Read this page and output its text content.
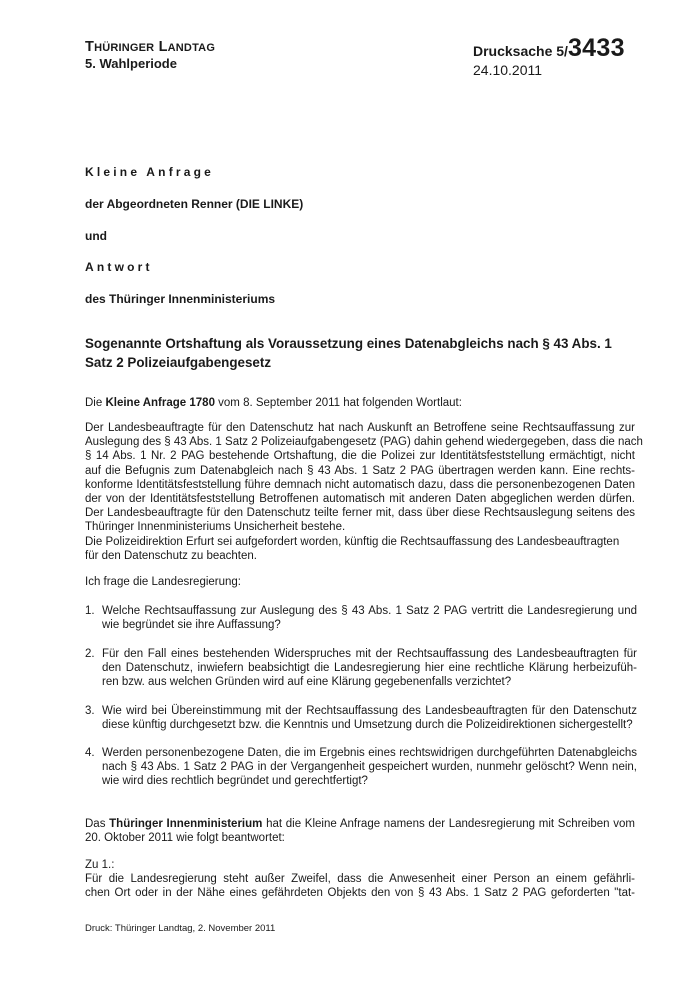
THÜRINGER LANDTAG
5. Wahlperiode
Drucksache 5/3433
24.10.2011
Kleine Anfrage
der Abgeordneten Renner (DIE LINKE)
und
Antwort
des Thüringer Innenministeriums
Sogenannte Ortshaftung als Voraussetzung eines Datenabgleichs nach § 43 Abs. 1
Satz 2 Polizeiaufgabengesetz
Die Kleine Anfrage 1780 vom 8. September 2011 hat folgenden Wortlaut:
Der Landesbeauftragte für den Datenschutz hat nach Auskunft an Betroffene seine Rechtsauffassung zur
Auslegung des § 43 Abs. 1 Satz 2 Polizeiaufgabengesetz (PAG) dahin gehend wiedergegeben, dass die nach
§ 14 Abs. 1 Nr. 2 PAG bestehende Ortshaftung, die die Polizei zur Identitätsfeststellung ermächtigt, nicht
auf die Befugnis zum Datenabgleich nach § 43 Abs. 1 Satz 2 PAG übertragen werden kann. Eine rechts-
konforme Identitätsfeststellung führe demnach nicht automatisch dazu, dass die personenbezogenen Daten
der von der Identitätsfeststellung Betroffenen automatisch mit anderen Daten abgeglichen werden dürfen.
Der Landesbeauftragte für den Datenschutz teilte ferner mit, dass über diese Rechtsauslegung seitens des
Thüringer Innenministeriums Unsicherheit bestehe.
Die Polizeidirektion Erfurt sei aufgefordert worden, künftig die Rechtsauffassung des Landesbeauftragten
für den Datenschutz zu beachten.
Ich frage die Landesregierung:
1. Welche Rechtsauffassung zur Auslegung des § 43 Abs. 1 Satz 2 PAG vertritt die Landesregierung und
wie begründet sie ihre Auffassung?
2. Für den Fall eines bestehenden Widerspruches mit der Rechtsauffassung des Landesbeauftragten für
den Datenschutz, inwiefern beabsichtigt die Landesregierung hier eine rechtliche Klärung herbeizufüh-
ren bzw. aus welchen Gründen wird auf eine Klärung gegebenenfalls verzichtet?
3. Wie wird bei Übereinstimmung mit der Rechtsauffassung des Landesbeauftragten für den Datenschutz
diese künftig durchgesetzt bzw. die Kenntnis und Umsetzung durch die Polizeidirektionen sichergestellt?
4. Werden personenbezogene Daten, die im Ergebnis eines rechtswidrigen durchgeführten Datenabgleichs
nach § 43 Abs. 1 Satz 2 PAG in der Vergangenheit gespeichert wurden, nunmehr gelöscht? Wenn nein,
wie wird dies rechtlich begründet und gerechtfertigt?
Das Thüringer Innenministerium hat die Kleine Anfrage namens der Landesregierung mit Schreiben vom
20. Oktober 2011 wie folgt beantwortet:
Zu 1.:
Für die Landesregierung steht außer Zweifel, dass die Anwesenheit einer Person an einem gefährli-
chen Ort oder in der Nähe eines gefährdeten Objekts den von § 43 Abs. 1 Satz 2 PAG geforderten "tat-
Druck: Thüringer Landtag, 2. November 2011
